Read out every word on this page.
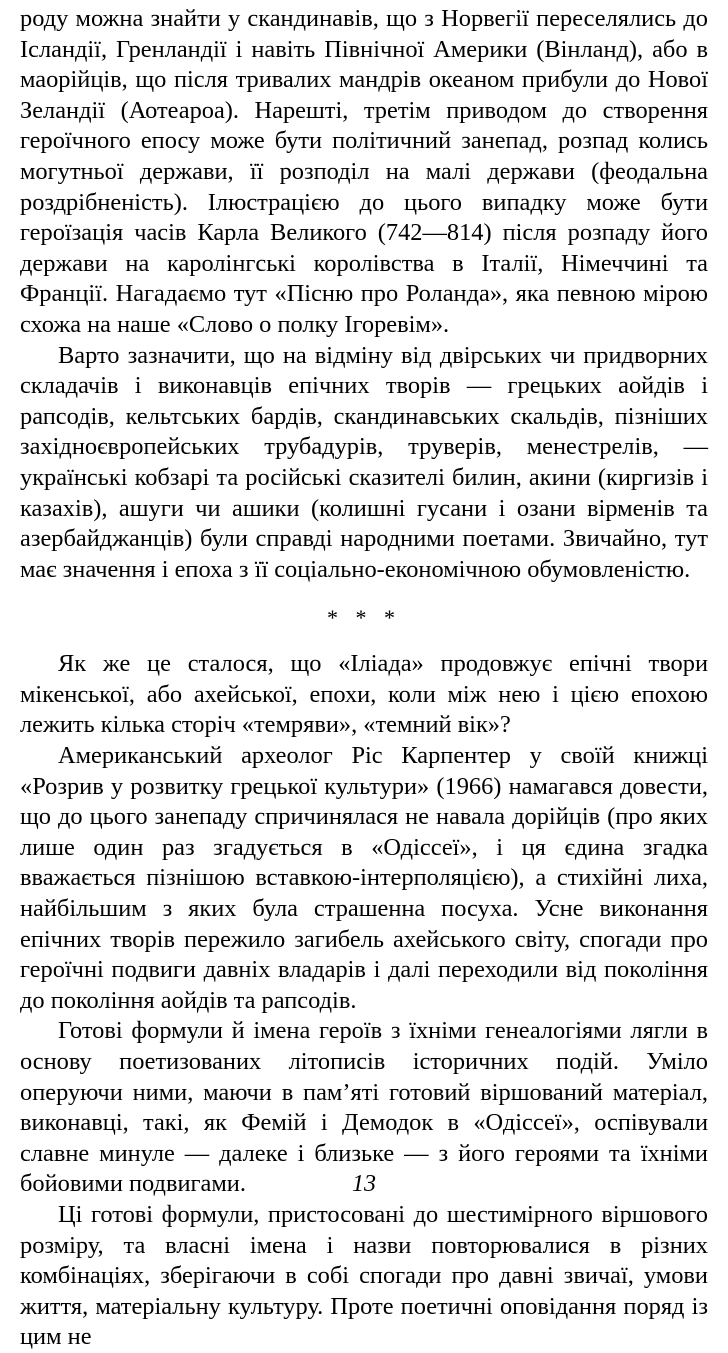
роду можна знайти у скандинавів, що з Норвегії переселялись до Ісландії, Гренландії і навіть Північної Америки (Вінланд), або в маорійців, що після тривалих мандрів океаном прибули до Нової Зеландії (Аотеароа). Нарешті, третім приводом до створення героїчного епосу може бути політичний занепад, розпад колись могутньої держави, її розподіл на малі держави (феодальна роздрібненість). Ілюстрацією до цього випадку може бути героїзація часів Карла Великого (742—814) після розпаду його держави на каролінгські королівства в Італії, Німеччині та Франції. Нагадаємо тут «Пісню про Роланда», яка певною мірою схожа на наше «Слово о полку Ігоревім».

Варто зазначити, що на відміну від двірських чи придворних складачів і виконавців епічних творів — грецьких аойдів і рапсодів, кельтських бардів, скандинавських скальдів, пізніших західноєвропейських трубадурів, труверів, менестрелів, — українські кобзарі та російські сказителі билин, акини (киргизів і казахів), ашуги чи ашики (колишні гусани і озани вірменів та азербайджанців) були справді народними поетами. Звичайно, тут має значення і епоха з її соціально-економічною обумовленістю.

* * *

Як же це сталося, що «Іліада» продовжує епічні твори мікенської, або ахейської, епохи, коли між нею і цією епохою лежить кілька сторіч «темряви», «темний вік»?

Американський археолог Ріс Карпентер у своїй книжці «Розрив у розвитку грецької культури» (1966) намагався довести, що до цього занепаду спричинялася не навала дорійців (про яких лише один раз згадується в «Одіссеї», і ця єдина згадка вважається пізнішою вставкою-інтерполяцією), а стихійні лиха, найбільшим з яких була страшенна посуха. Усне виконання епічних творів пережило загибель ахейського світу, спогади про героїчні подвиги давніх владарів і далі переходили від покоління до покоління аойдів та рапсодів.

Готові формули й імена героїв з їхніми генеалогіями лягли в основу поетизованих літописів історичних подій. Уміло оперуючи ними, маючи в пам’яті готовий віршований матеріал, виконавці, такі, як Фемій і Демодок в «Одіссеї», оспівували славне минуле — далеке і близьке — з його героями та їхніми бойовими подвигами.

Ці готові формули, пристосовані до шестимірного віршового розміру, та власні імена і назви повторювалися в різних комбінаціях, зберігаючи в собі спогади про давні звичаї, умови життя, матеріальну культуру. Проте поетичні оповідання поряд із цим не

13
